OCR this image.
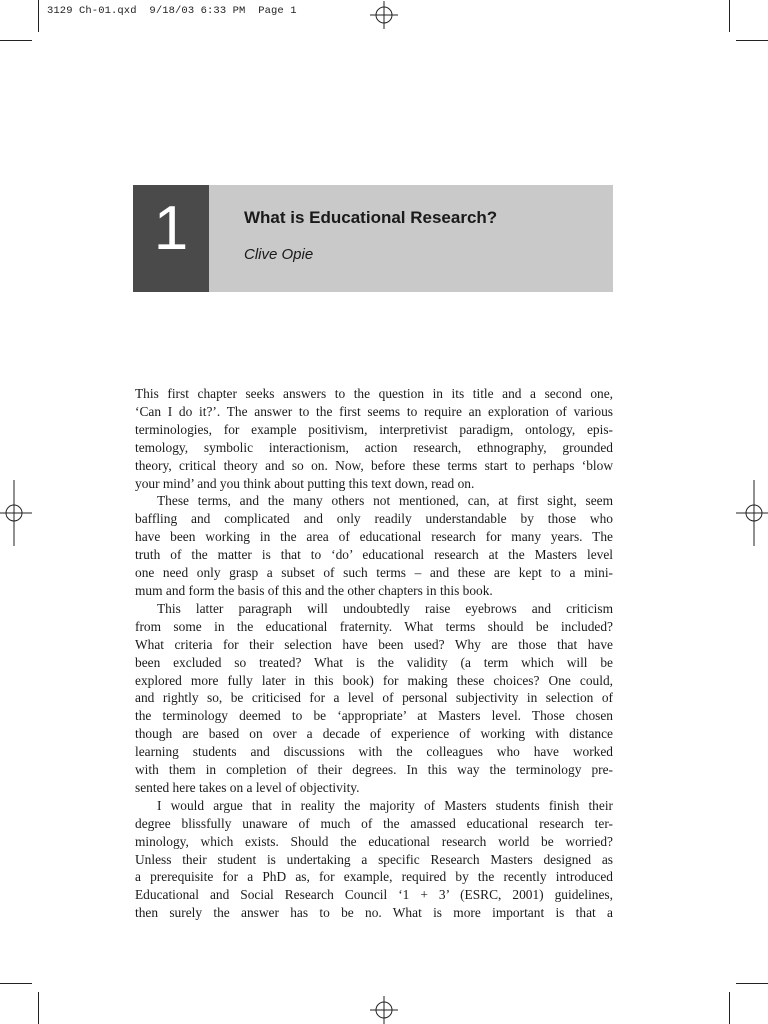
3129 Ch-01.qxd  9/18/03 6:33 PM  Page 1
1	What is Educational Research?
Clive Opie
This first chapter seeks answers to the question in its title and a second one,
‘Can I do it?’. The answer to the first seems to require an exploration of various
terminologies, for example positivism, interpretivist paradigm, ontology, epis-
temology, symbolic interactionism, action research, ethnography, grounded
theory, critical theory and so on. Now, before these terms start to perhaps ‘blow
your mind’ and you think about putting this text down, read on.
These terms, and the many others not mentioned, can, at first sight, seem
baffling and complicated and only readily understandable by those who
have been working in the area of educational research for many years. The
truth of the matter is that to ‘do’ educational research at the Masters level
one need only grasp a subset of such terms – and these are kept to a mini-
mum and form the basis of this and the other chapters in this book.
This latter paragraph will undoubtedly raise eyebrows and criticism
from some in the educational fraternity. What terms should be included?
What criteria for their selection have been used? Why are those that have
been excluded so treated? What is the validity (a term which will be
explored more fully later in this book) for making these choices? One could,
and rightly so, be criticised for a level of personal subjectivity in selection of
the terminology deemed to be ‘appropriate’ at Masters level. Those chosen
though are based on over a decade of experience of working with distance
learning students and discussions with the colleagues who have worked
with them in completion of their degrees. In this way the terminology pre-
sented here takes on a level of objectivity.
I would argue that in reality the majority of Masters students finish their
degree blissfully unaware of much of the amassed educational research ter-
minology, which exists. Should the educational research world be worried?
Unless their student is undertaking a specific Research Masters designed as
a prerequisite for a PhD as, for example, required by the recently introduced
Educational and Social Research Council ‘1 + 3’ (ESRC, 2001) guidelines,
then surely the answer has to be no. What is more important is that a
